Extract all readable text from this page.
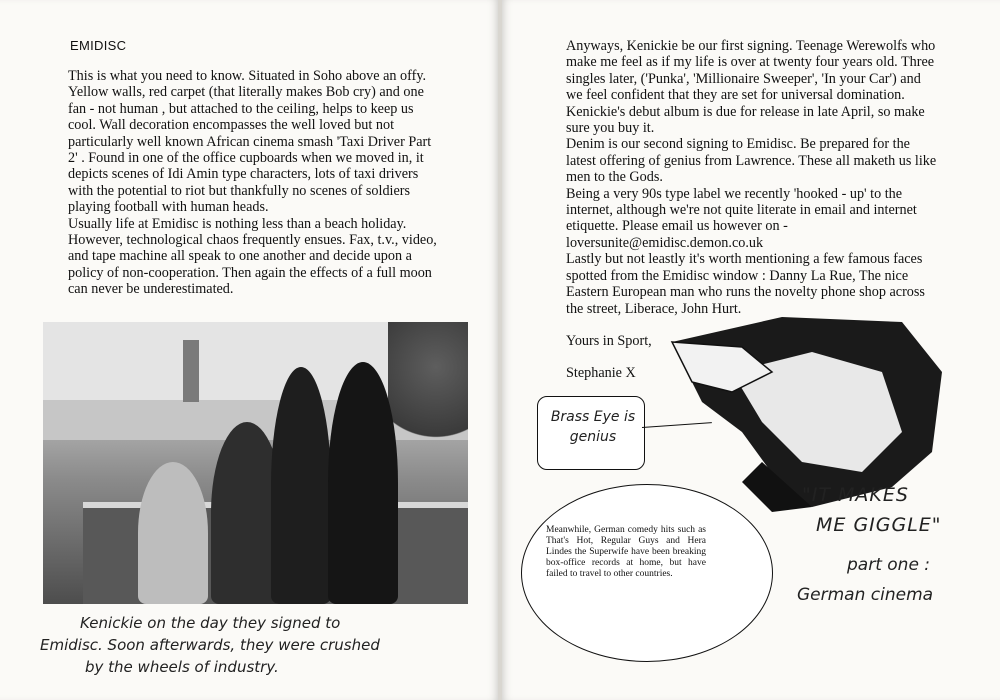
EMIDISC

This is what you need to know. Situated in Soho above an offy. Yellow walls, red carpet (that literally makes Bob cry) and one fan - not human , but attached to the ceiling, helps to keep us cool. Wall decoration encompasses the well loved but not particularly well known African cinema smash 'Taxi Driver Part 2' . Found in one of the office cupboards when we moved in, it depicts scenes of Idi Amin type characters, lots of taxi drivers with the potential to riot but thankfully no scenes of soldiers playing football with human heads.

Usually life at Emidisc is nothing less than a beach holiday. However, technological chaos frequently ensues. Fax, t.v., video, and tape machine all speak to one another and decide upon a policy of non-cooperation. Then again the effects of a full moon can never be underestimated.

Kenickie on the day they signed to
Emidisc. Soon afterwards, they were crushed
by the wheels of industry.

Anyways, Kenickie be our first signing. Teenage Werewolfs who make me feel as if my life is over at twenty four years old. Three singles later, ('Punka', 'Millionaire Sweeper', 'In your Car') and we feel confident that they are set for universal domination. Kenickie's debut album is due for release in late April, so make sure you buy it.

Denim is our second signing to Emidisc. Be prepared for the latest offering of genius from Lawrence. These all maketh us like men to the Gods.

Being a very 90s type label we recently 'hooked - up' to the internet, although we're not quite literate in email and internet etiquette. Please email us however on - loversunite@emidisc.demon.co.uk

Lastly but not leastly it's worth mentioning a few famous faces spotted from the Emidisc window : Danny La Rue, The nice Eastern European man who runs the novelty phone shop across the street, Liberace, John Hurt.

Yours in Sport,

Stephanie X

Brass Eye is genius
Meanwhile, German comedy hits such as That's Hot, Regular Guys and Hera Lindes the Superwife have been breaking box-office records at home, but have failed to travel to other countries.
"IT MAKES
ME GIGGLE"
part one :
German cinema
